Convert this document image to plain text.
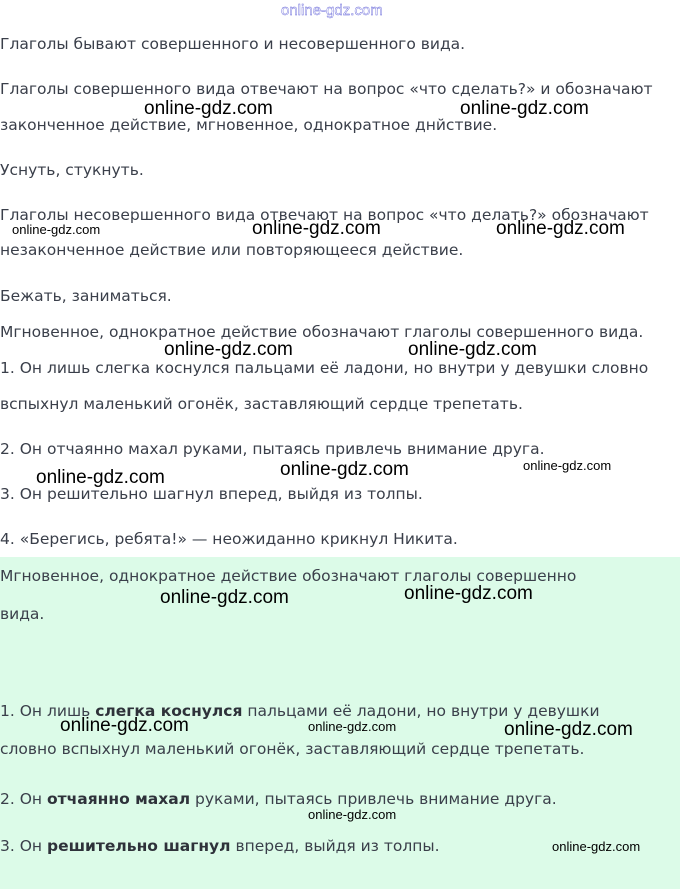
online-gdz.com

Глаголы бывают совершенного и несовершенного вида.

Глаголы совершенного вида отвечают на вопрос «что сделать?» и обозначают

законченное действие, мгновенное, однократное днйствие.

Уснуть, стукнуть.

Глаголы несовершенного вида отвечают на вопрос «что делать?» обозначают

незаконченное действие или повторяющееся действие.

Бежать, заниматься.

Мгновенное, однократное действие обозначают глаголы совершенного вида.

1. Он лишь слегка коснулся пальцами её ладони, но внутри у девушки словно

вспыхнул маленький огонёк, заставляющий сердце трепетать.

2. Он отчаянно махал руками, пытаясь привлечь внимание друга.

3. Он решительно шагнул вперед, выйдя из толпы.

4. «Берегись, ребята!» — неожиданно крикнул Никита.

Мгновенное, однократное действие обозначают глаголы совершенно

вида.

1. Он лишь слегка коснулся пальцами её ладони, но внутри у девушки

словно вспыхнул маленький огонёк, заставляющий сердце трепетать.

2. Он отчаянно махал руками, пытаясь привлечь внимание друга.

3. Он решительно шагнул вперед, выйдя из толпы.

online-gdz.com	online-gdz.com
online-gdz.com	online-gdz.com	online-gdz.com
online-gdz.com	online-gdz.com
online-gdz.com	online-gdz.com	online-gdz.com
online-gdz.com	online-gdz.com
online-gdz.com	online-gdz.com	online-gdz.com
online-gdz.com
online-gdz.com
